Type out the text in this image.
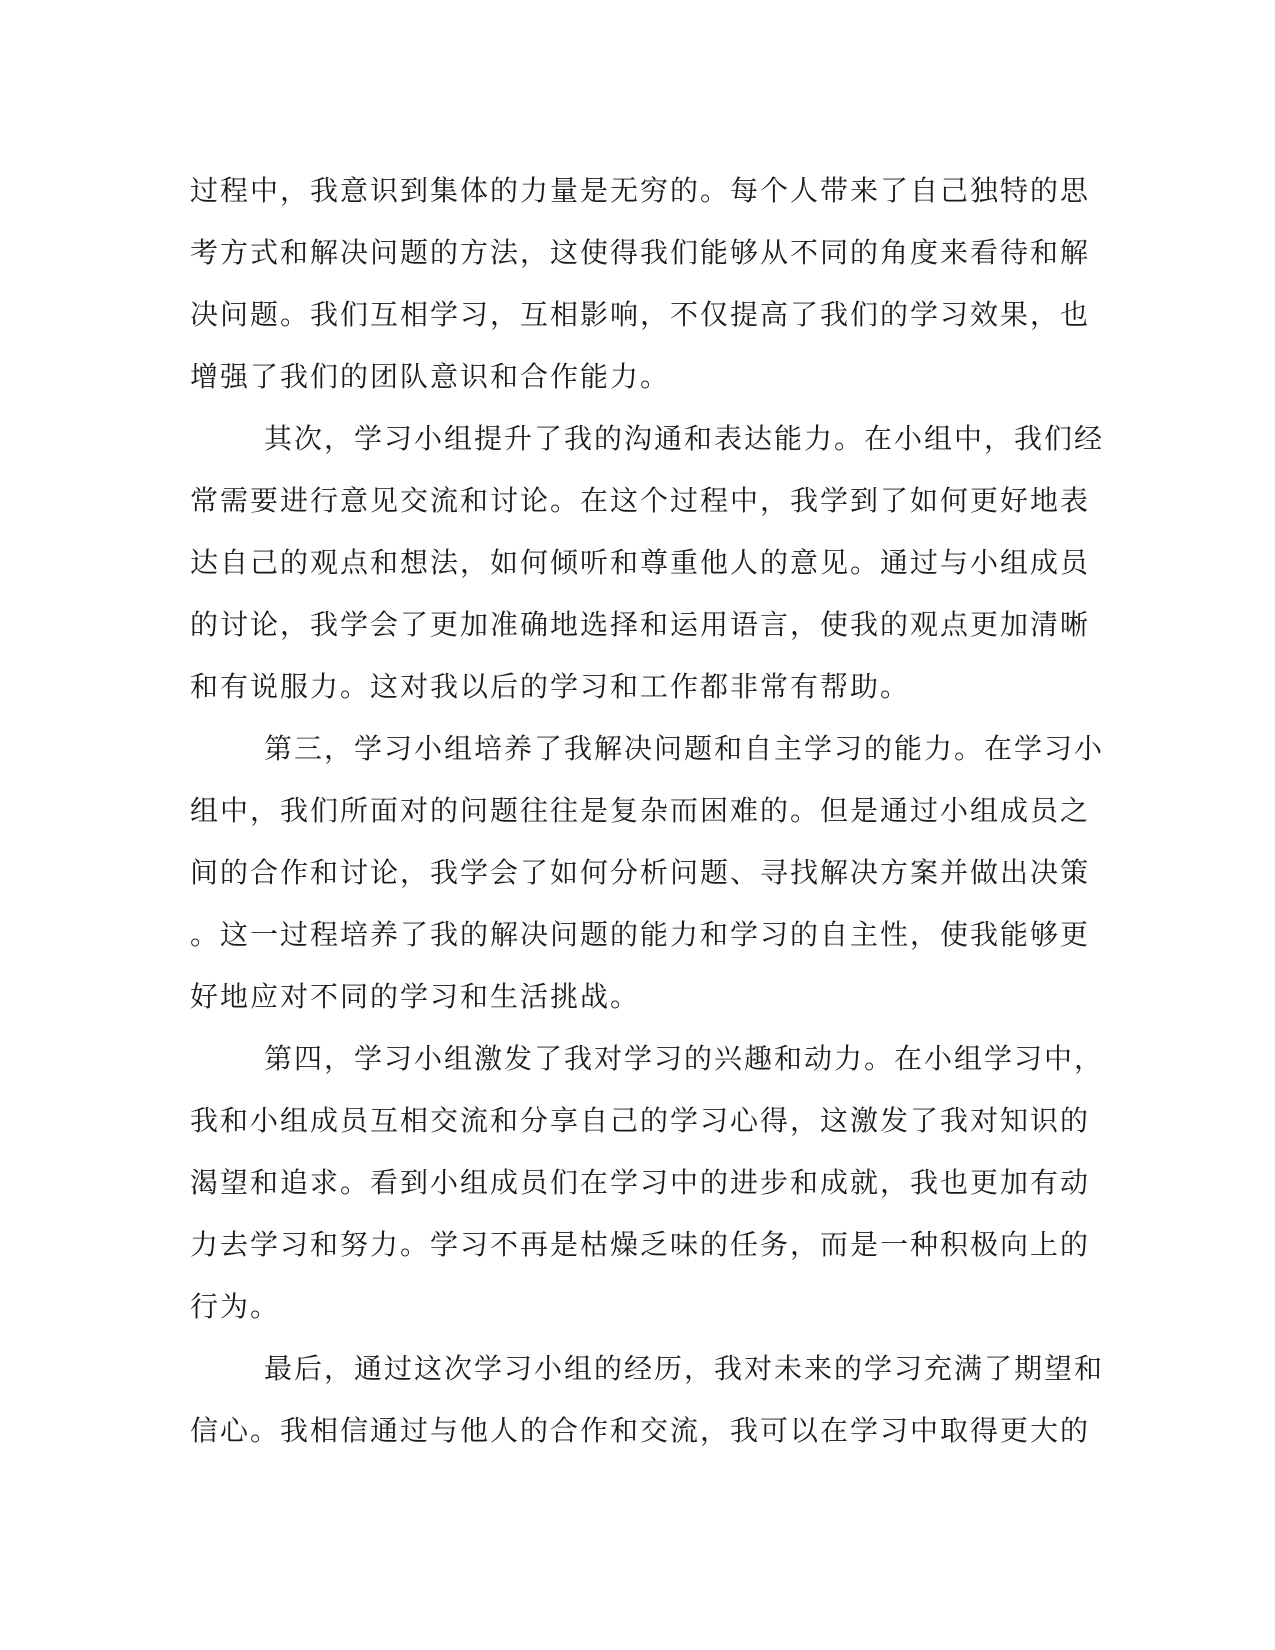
过程中，我意识到集体的力量是无穷的。每个人带来了自己独特的思
考方式和解决问题的方法，这使得我们能够从不同的角度来看待和解
决问题。我们互相学习，互相影响，不仅提高了我们的学习效果，也
增强了我们的团队意识和合作能力。
其次，学习小组提升了我的沟通和表达能力。在小组中，我们经
常需要进行意见交流和讨论。在这个过程中，我学到了如何更好地表
达自己的观点和想法，如何倾听和尊重他人的意见。通过与小组成员
的讨论，我学会了更加准确地选择和运用语言，使我的观点更加清晰
和有说服力。这对我以后的学习和工作都非常有帮助。
第三，学习小组培养了我解决问题和自主学习的能力。在学习小
组中，我们所面对的问题往往是复杂而困难的。但是通过小组成员之
间的合作和讨论，我学会了如何分析问题、寻找解决方案并做出决策
。这一过程培养了我的解决问题的能力和学习的自主性，使我能够更
好地应对不同的学习和生活挑战。
第四，学习小组激发了我对学习的兴趣和动力。在小组学习中，
我和小组成员互相交流和分享自己的学习心得，这激发了我对知识的
渴望和追求。看到小组成员们在学习中的进步和成就，我也更加有动
力去学习和努力。学习不再是枯燥乏味的任务，而是一种积极向上的
行为。
最后，通过这次学习小组的经历，我对未来的学习充满了期望和
信心。我相信通过与他人的合作和交流，我可以在学习中取得更大的
